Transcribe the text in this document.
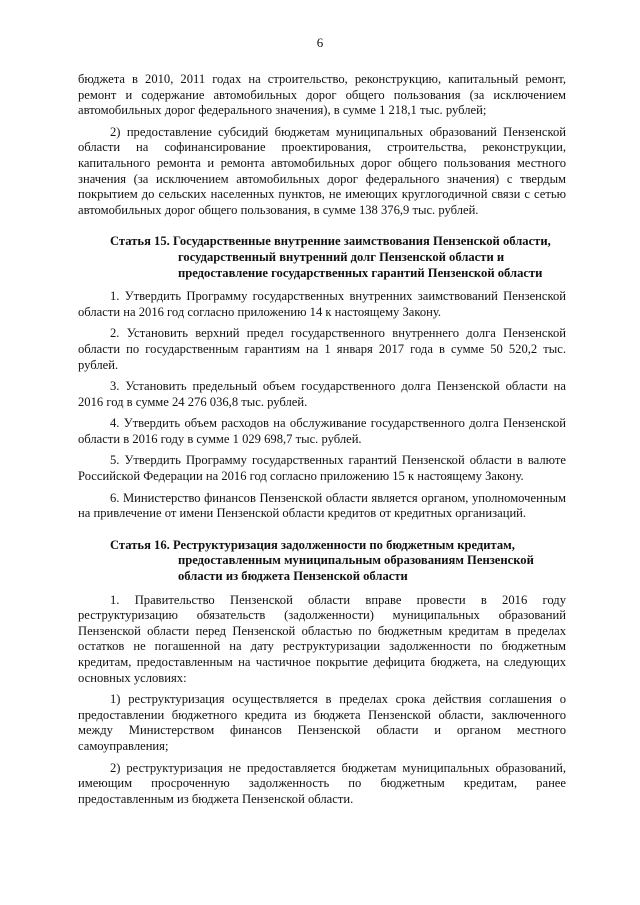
6

бюджета в 2010, 2011 годах на строительство, реконструкцию, капитальный ремонт, ремонт и содержание автомобильных дорог общего пользования (за исключением автомобильных дорог федерального значения), в сумме 1 218,1 тыс. рублей;

2) предоставление субсидий бюджетам муниципальных образований Пензенской области на софинансирование проектирования, строительства, реконструкции, капитального ремонта и ремонта автомобильных дорог общего пользования местного значения (за исключением автомобильных дорог федерального значения) с твердым покрытием до сельских населенных пунктов, не имеющих круглогодичной связи с сетью автомобильных дорог общего пользования, в сумме 138 376,9 тыс. рублей.

Статья 15. Государственные внутренние заимствования Пензенской области,
государственный внутренний долг Пензенской области и
предоставление государственных гарантий Пензенской области

1. Утвердить Программу государственных внутренних заимствований Пензенской области на 2016 год согласно приложению 14 к настоящему Закону.

2. Установить верхний предел государственного внутреннего долга Пензенской области по государственным гарантиям на 1 января 2017 года в сумме 50 520,2 тыс. рублей.

3. Установить предельный объем государственного долга Пензенской области на 2016 год в сумме 24 276 036,8 тыс. рублей.

4. Утвердить объем расходов на обслуживание государственного долга Пензенской области в 2016 году в сумме 1 029 698,7 тыс. рублей.

5. Утвердить Программу государственных гарантий Пензенской области в валюте Российской Федерации на 2016 год согласно приложению 15 к настоящему Закону.

6. Министерство финансов Пензенской области является органом, уполномоченным на привлечение от имени Пензенской области кредитов от кредитных организаций.

Статья 16. Реструктуризация задолженности по бюджетным кредитам,
предоставленным муниципальным образованиям Пензенской
области из бюджета Пензенской области

1. Правительство Пензенской области вправе провести в 2016 году реструктуризацию обязательств (задолженности) муниципальных образований Пензенской области перед Пензенской областью по бюджетным кредитам в пределах остатков не погашенной на дату реструктуризации задолженности по бюджетным кредитам, предоставленным на частичное покрытие дефицита бюджета, на следующих основных условиях:

1) реструктуризация осуществляется в пределах срока действия соглашения о предоставлении бюджетного кредита из бюджета Пензенской области, заключенного между Министерством финансов Пензенской области и органом местного самоуправления;

2) реструктуризация не предоставляется бюджетам муниципальных образований, имеющим просроченную задолженность по бюджетным кредитам, ранее предоставленным из бюджета Пензенской области.
